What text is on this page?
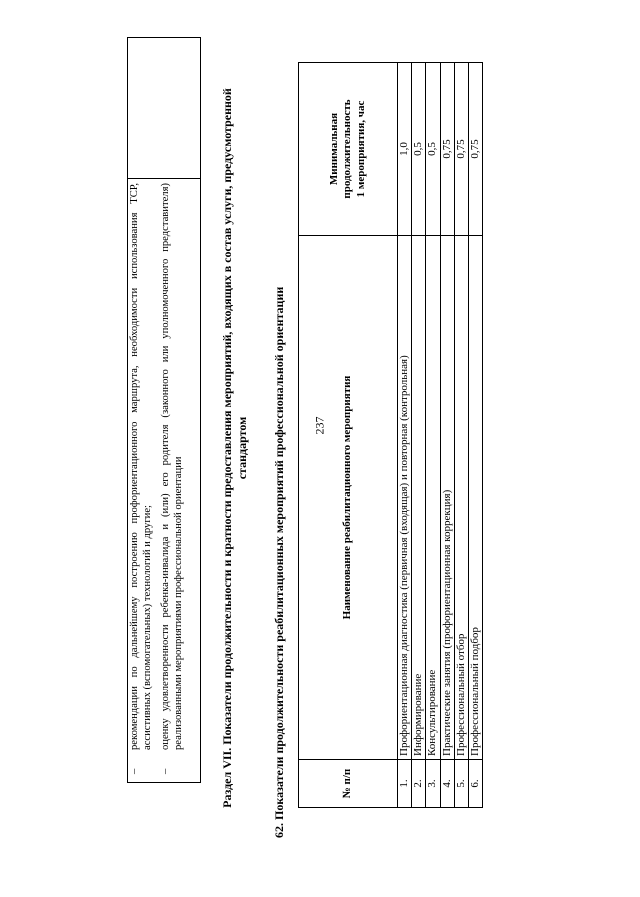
–
рекомендации по дальнейшему построению профориентационного маршрута, необходимости использования ТСР, ассистивных (вспомогательных) технологий и другие;
–
оценку удовлетворенности ребенка-инвалида и (или) его родителя (законного или уполномоченного представителя) реализованными мероприятиями профессиональной ориентации
		Раздел VII. Показатели продолжительности и кратности предоставления мероприятий, входящих в состав услуги, предусмотренной стандартом 62. Показатели продолжительности реабилитационных мероприятий профессиональной ориентации	№ п/п	Наименование реабилитационного мероприятия	Минимальная
продолжительность
1 мероприятия, час
1.	Профориентационная диагностика (первичная (входящая) и повторная (контрольная)	1,0
2.	Информирование	0,5
3.	Консультирование	0,5
4.	Практические занятия (профориентационная коррекция)	0,75
5.	Профессиональный отбор	0,75
6.	Профессиональный подбор	0,75
237
